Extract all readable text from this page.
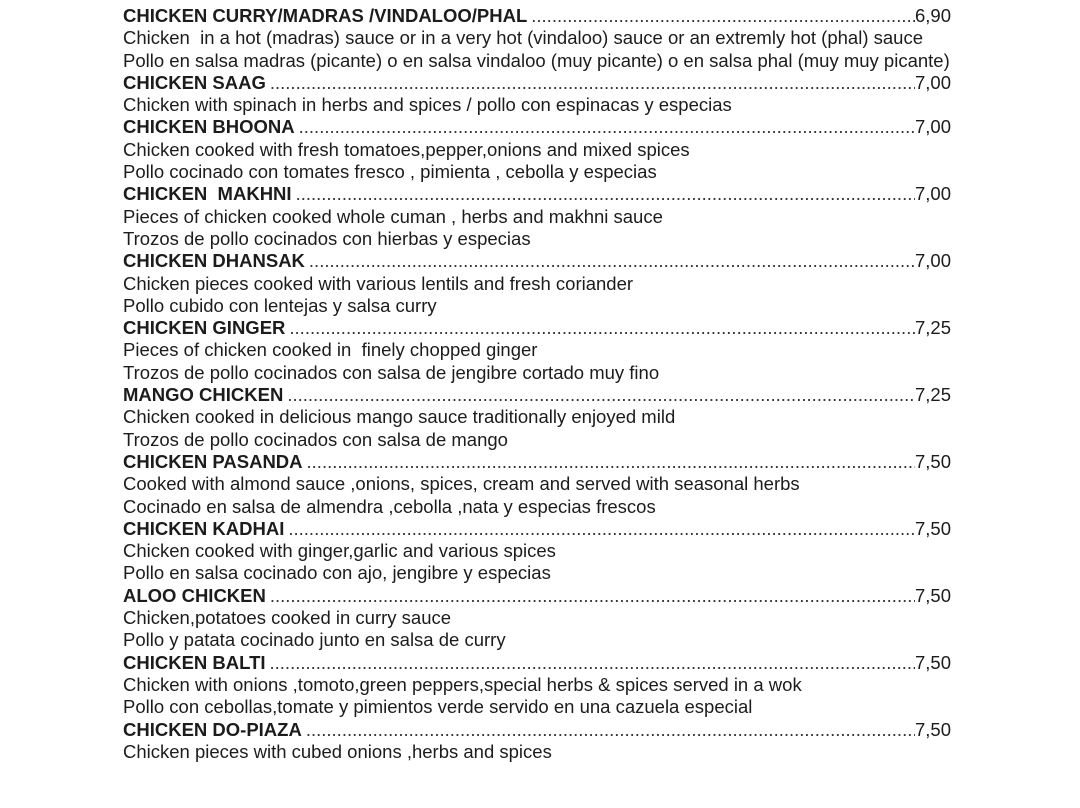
CHICKEN CURRY/MADRAS /VINDALOO/PHAL .....	6,90
Chicken  in a hot (madras) sauce or in a very hot (vindaloo) sauce or an extremly hot (phal) sauce
Pollo en salsa madras (picante) o en salsa vindaloo (muy picante) o en salsa phal (muy muy picante)
CHICKEN SAAG .....	7,00
Chicken with spinach in herbs and spices / pollo con espinacas y especias
CHICKEN BHOONA .....	7,00
Chicken cooked with fresh tomatoes,pepper,onions and mixed spices
Pollo cocinado con tomates fresco , pimienta , cebolla y especias
CHICKEN  MAKHNI .....	7,00
Pieces of chicken cooked whole cuman , herbs and makhni sauce
Trozos de pollo cocinados con hierbas y especias
CHICKEN DHANSAK .....	7,00
Chicken pieces cooked with various lentils and fresh coriander
Pollo cubido con lentejas y salsa curry
CHICKEN GINGER .....	7,25
Pieces of chicken cooked in  finely chopped ginger
Trozos de pollo cocinados con salsa de jengibre cortado muy fino
MANGO CHICKEN .....	7,25
Chicken cooked in delicious mango sauce traditionally enjoyed mild
Trozos de pollo cocinados con salsa de mango
CHICKEN PASANDA .....	7,50
Cooked with almond sauce ,onions, spices, cream and served with seasonal herbs
Cocinado en salsa de almendra ,cebolla ,nata y especias frescos
CHICKEN KADHAI .....	7,50
Chicken cooked with ginger,garlic and various spices
Pollo en salsa cocinado con ajo, jengibre y especias
ALOO CHICKEN .....	7,50
Chicken,potatoes cooked in curry sauce
Pollo y patata cocinado junto en salsa de curry
CHICKEN BALTI .....	7,50
Chicken with onions ,tomoto,green peppers,special herbs & spices served in a wok
Pollo con cebollas,tomate y pimientos verde servido en una cazuela especial
CHICKEN DO-PIAZA .....	7,50
Chicken pieces with cubed onions ,herbs and spices
